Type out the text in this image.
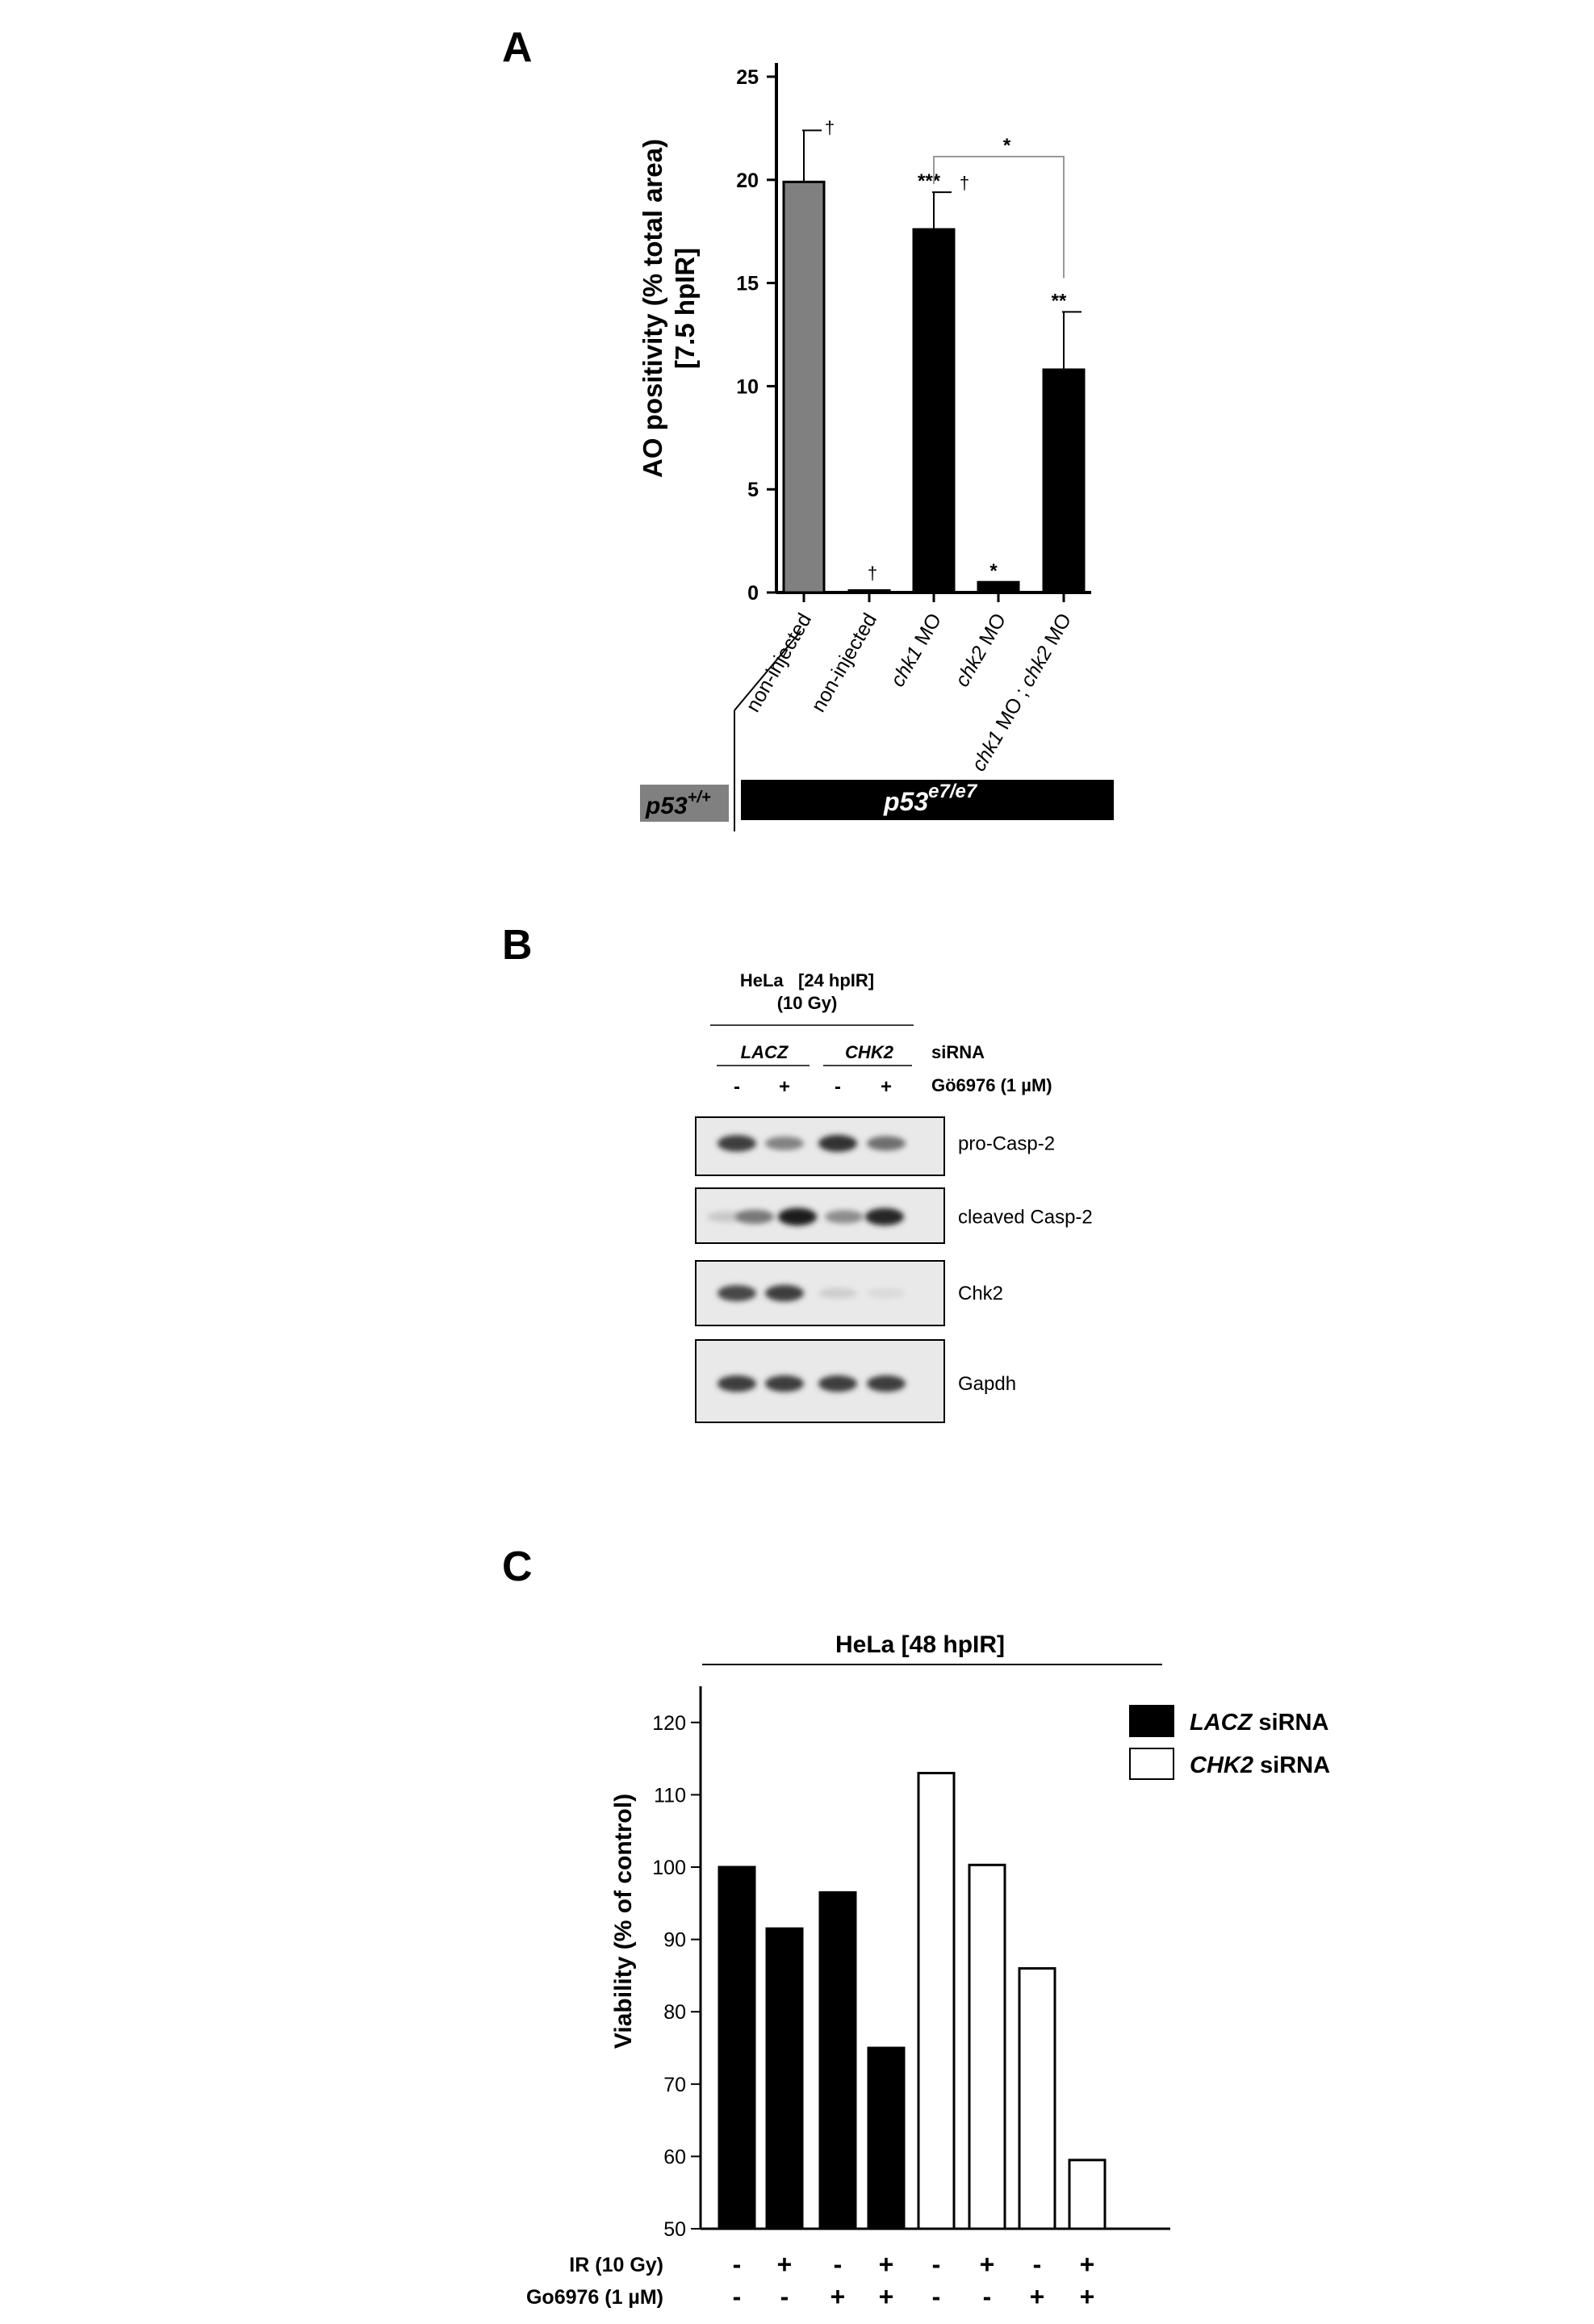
A
AO positivity (% total area) [7.5 hpIR]
0
5
10
15
20
25
†
†
*** †
*
**
*
non-injected
non-injected chk1 MO
chk2 MO
chk1 MO ; chk2 MO
p53+/+	$p53^{e7/e7}$
B
HeLa   [24 hpIR]
(10 Gy)
LACZ	CHK2 siRNA
- + - + Gö6976 (1 µM)
pro-Casp-2
cleaved Casp-2
Chk2
Gapdh
C
HeLa [48 hpIR]
Viability (% of control)
50
60
70
80
90
100
110
120
IR (10 Gy)	- + - + - + - +
Go6976 (1 µM)	- - + + - - + +
LACZ siRNA
CHK2 siRNA
